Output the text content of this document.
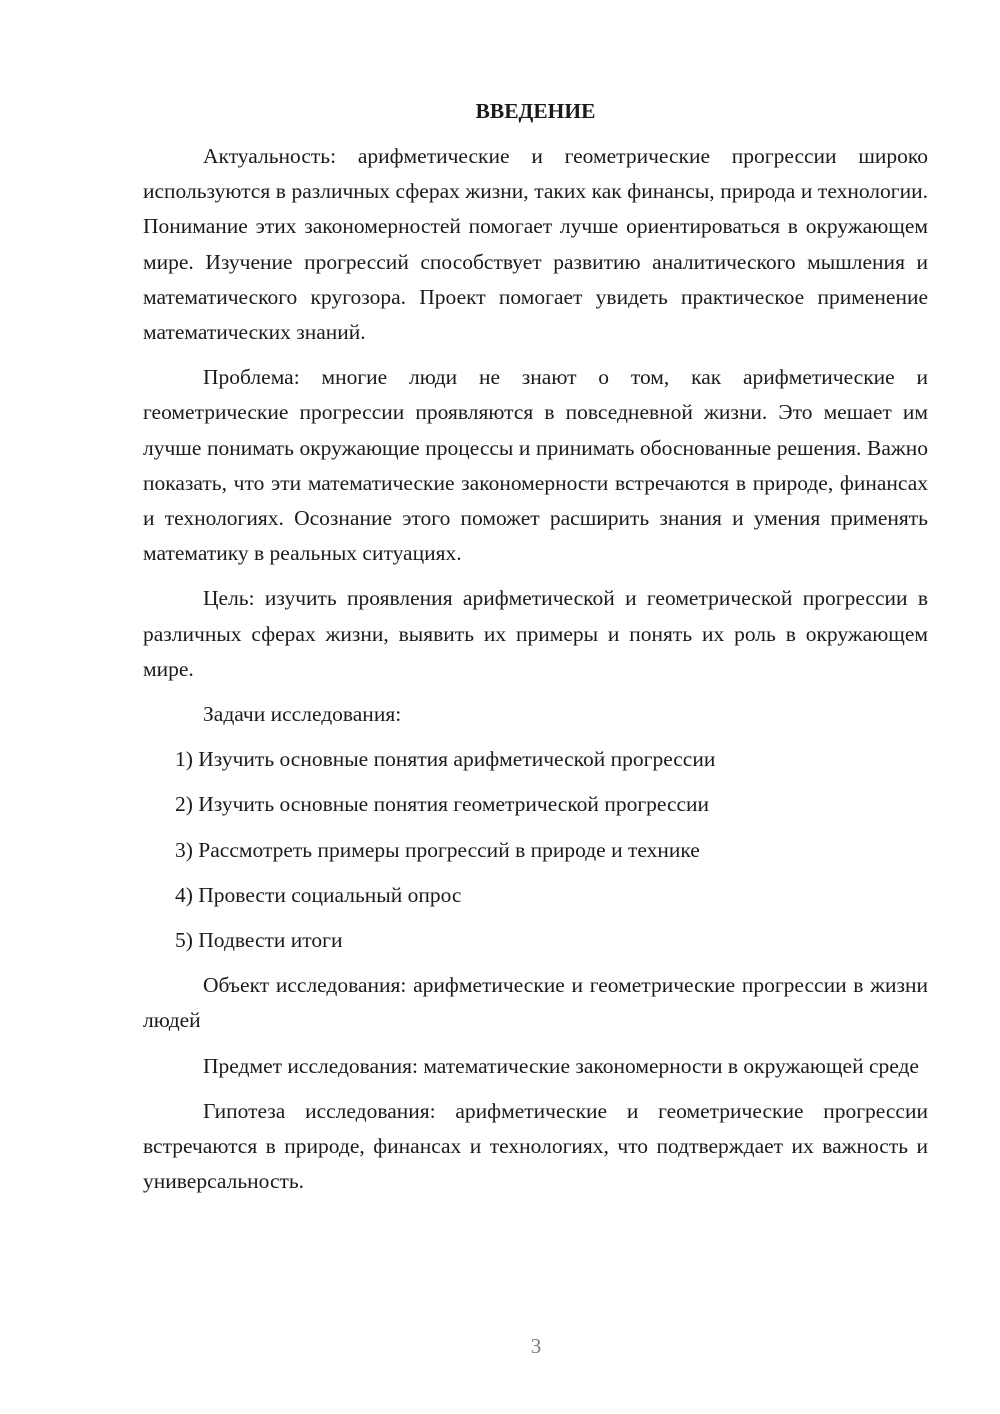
ВВЕДЕНИЕ

Актуальность: арифметические и геометрические прогрессии широко используются в различных сферах жизни, таких как финансы, природа и технологии. Понимание этих закономерностей помогает лучше ориентироваться в окружающем мире. Изучение прогрессий способствует развитию аналитического мышления и математического кругозора. Проект помогает увидеть практическое применение математических знаний.

Проблема: многие люди не знают о том, как арифметические и геометрические прогрессии проявляются в повседневной жизни. Это мешает им лучше понимать окружающие процессы и принимать обоснованные решения. Важно показать, что эти математические закономерности встречаются в природе, финансах и технологиях. Осознание этого поможет расширить знания и умения применять математику в реальных ситуациях.

Цель: изучить проявления арифметической и геометрической прогрессии в различных сферах жизни, выявить их примеры и понять их роль в окружающем мире.

Задачи исследования:

1) Изучить основные понятия арифметической прогрессии
2) Изучить основные понятия геометрической прогрессии
3) Рассмотреть примеры прогрессий в природе и технике
4) Провести социальный опрос
5) Подвести итоги

Объект исследования: арифметические и геометрические прогрессии в жизни людей

Предмет исследования: математические закономерности в окружающей среде

Гипотеза исследования: арифметические и геометрические прогрессии встречаются в природе, финансах и технологиях, что подтверждает их важность и универсальность.

3
